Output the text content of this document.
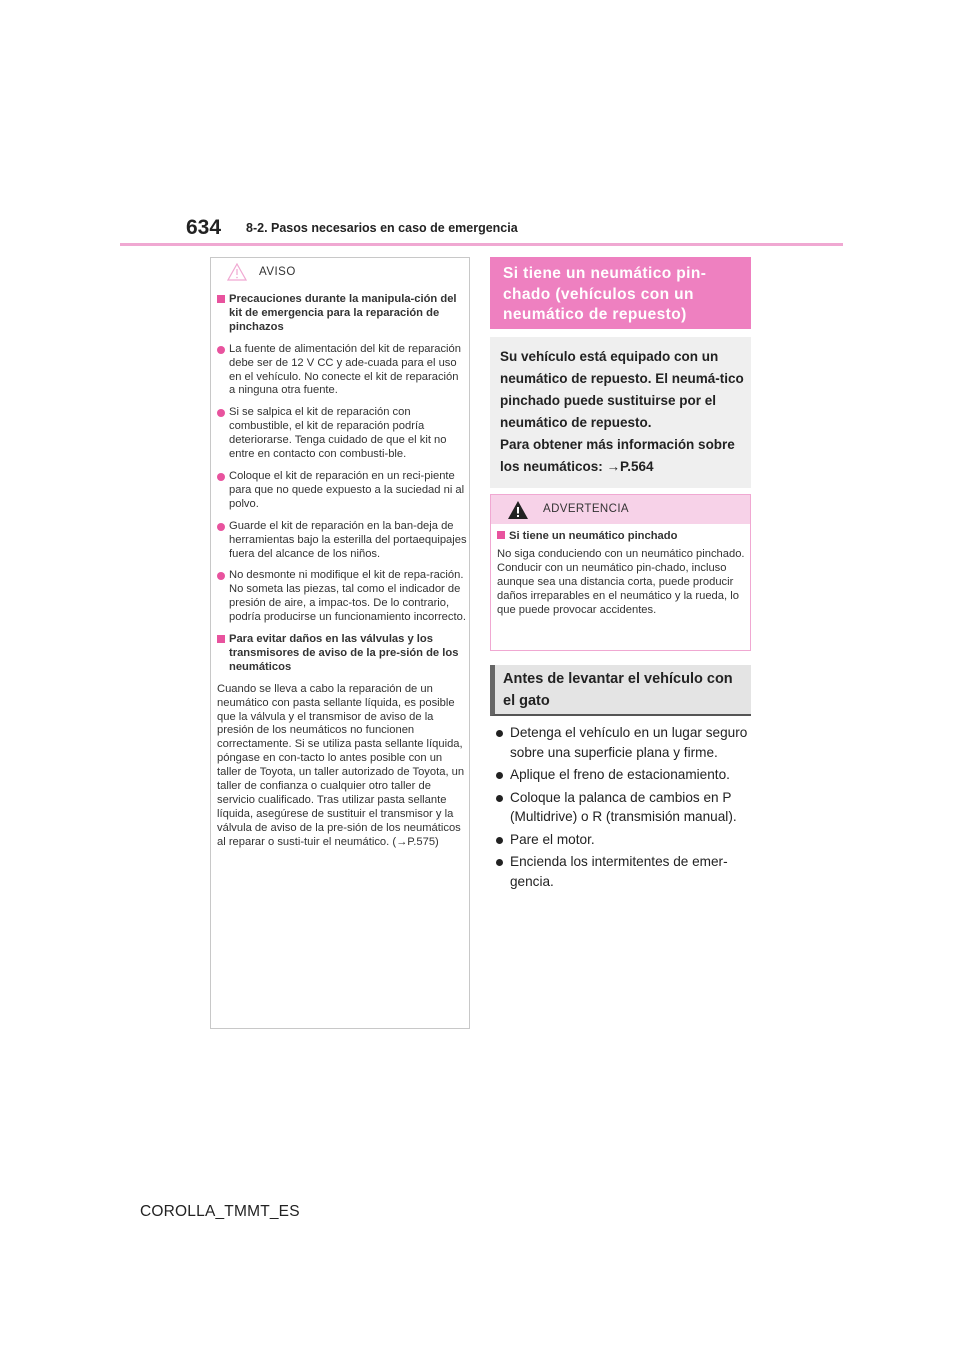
634 8-2. Pasos necesarios en caso de emergencia
AVISO
Precauciones durante la manipula-ción del kit de emergencia para la reparación de pinchazos
La fuente de alimentación del kit de reparación debe ser de 12 V CC y ade-cuada para el uso en el vehículo. No conecte el kit de reparación a ninguna otra fuente.
Si se salpica el kit de reparación con combustible, el kit de reparación podría deteriorarse. Tenga cuidado de que el kit no entre en contacto con combusti-ble.
Coloque el kit de reparación en un reci-piente para que no quede expuesto a la suciedad ni al polvo.
Guarde el kit de reparación en la ban-deja de herramientas bajo la esterilla del portaequipajes fuera del alcance de los niños.
No desmonte ni modifique el kit de repa-ración. No someta las piezas, tal como el indicador de presión de aire, a impac-tos. De lo contrario, podría producirse un funcionamiento incorrecto.
Para evitar daños en las válvulas y los transmisores de aviso de la pre-sión de los neumáticos

Cuando se lleva a cabo la reparación de un neumático con pasta sellante líquida, es posible que la válvula y el transmisor de aviso de la presión de los neumáticos no funcionen correctamente. Si se utiliza pasta sellante líquida, póngase en con-tacto lo antes posible con un taller de Toyota, un taller autorizado de Toyota, un taller de confianza o cualquier otro taller de servicio cualificado. Tras utilizar pasta sellante líquida, asegúrese de sustituir el transmisor y la válvula de aviso de la pre-sión de los neumáticos al reparar o susti-tuir el neumático. (→P.575)

Si tiene un neumático pin-chado (vehículos con un neumático de repuesto)

Su vehículo está equipado con un neumático de repuesto. El neumá-tico pinchado puede sustituirse por el neumático de repuesto.

Para obtener más información sobre los neumáticos: →P.564

ADVERTENCIA
Si tiene un neumático pinchado

No siga conduciendo con un neumático pinchado. Conducir con un neumático pin-chado, incluso aunque sea una distancia corta, puede producir daños irreparables en el neumático y la rueda, lo que puede provocar accidentes.

Antes de levantar el vehículo con el gato
Detenga el vehículo en un lugar seguro sobre una superficie plana y firme.
Aplique el freno de estacionamiento.
Coloque la palanca de cambios en P (Multidrive) o R (transmisión manual).
Pare el motor.
Encienda los intermitentes de emer-gencia.
COROLLA_TMMT_ES
